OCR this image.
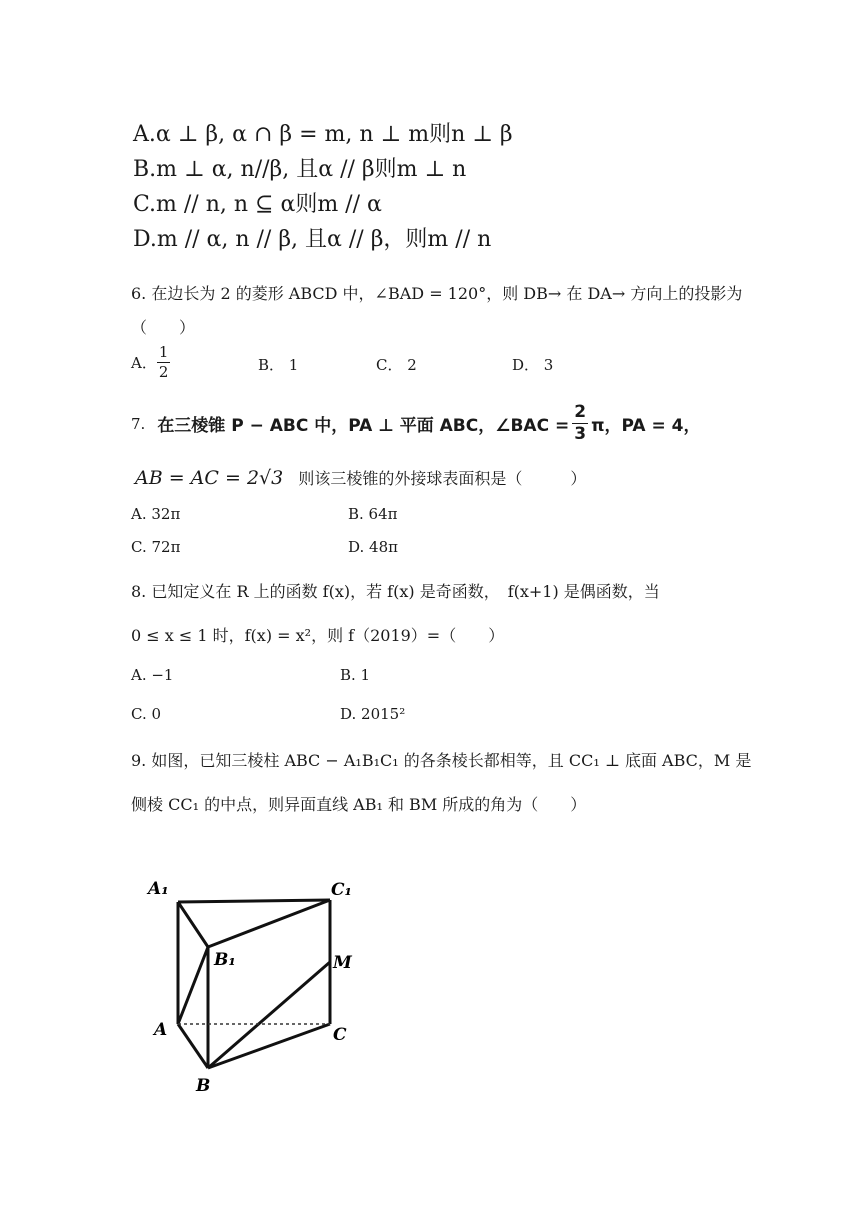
A.α ⊥ β, α ∩ β = m, n ⊥ m则n ⊥ β
B.m ⊥ α, n//β, 且α // β则m ⊥ n
C.m // n, n ⊆ α则m // α
D.m // α, n // β, 且α // β，则m // n
6. 在边长为 2 的菱形 ABCD 中，∠BAD = 120°，则 DB→ 在 DA→ 方向上的投影为
（　　）
A． $\frac{1}{2}$	B． 1	C． 2	D． 3
7. 在三棱锥 P − ABC 中，PA ⊥ 平面 ABC，∠BAC = $\frac{2}{3}$ π，PA = 4，
AB = AC = 2√3 则该三棱锥的外接球表面积是（　　　）
A. 32π	B. 64π
C. 72π	D. 48π
8. 已知定义在 R 上的函数 f(x)，若 f(x) 是奇函数，　f(x+1) 是偶函数，当
0 ≤ x ≤ 1 时，f(x) = x²，则 f（2019）=（　　）
A. −1	B. 1
C. 0	D. 2015²
9. 如图，已知三棱柱 ABC − A₁B₁C₁ 的各条棱长都相等，且 CC₁ ⊥ 底面 ABC，M 是
侧棱 CC₁ 的中点，则异面直线 AB₁ 和 BM 所成的角为（　　）
A₁	C₁
B₁	M
A	C
B
